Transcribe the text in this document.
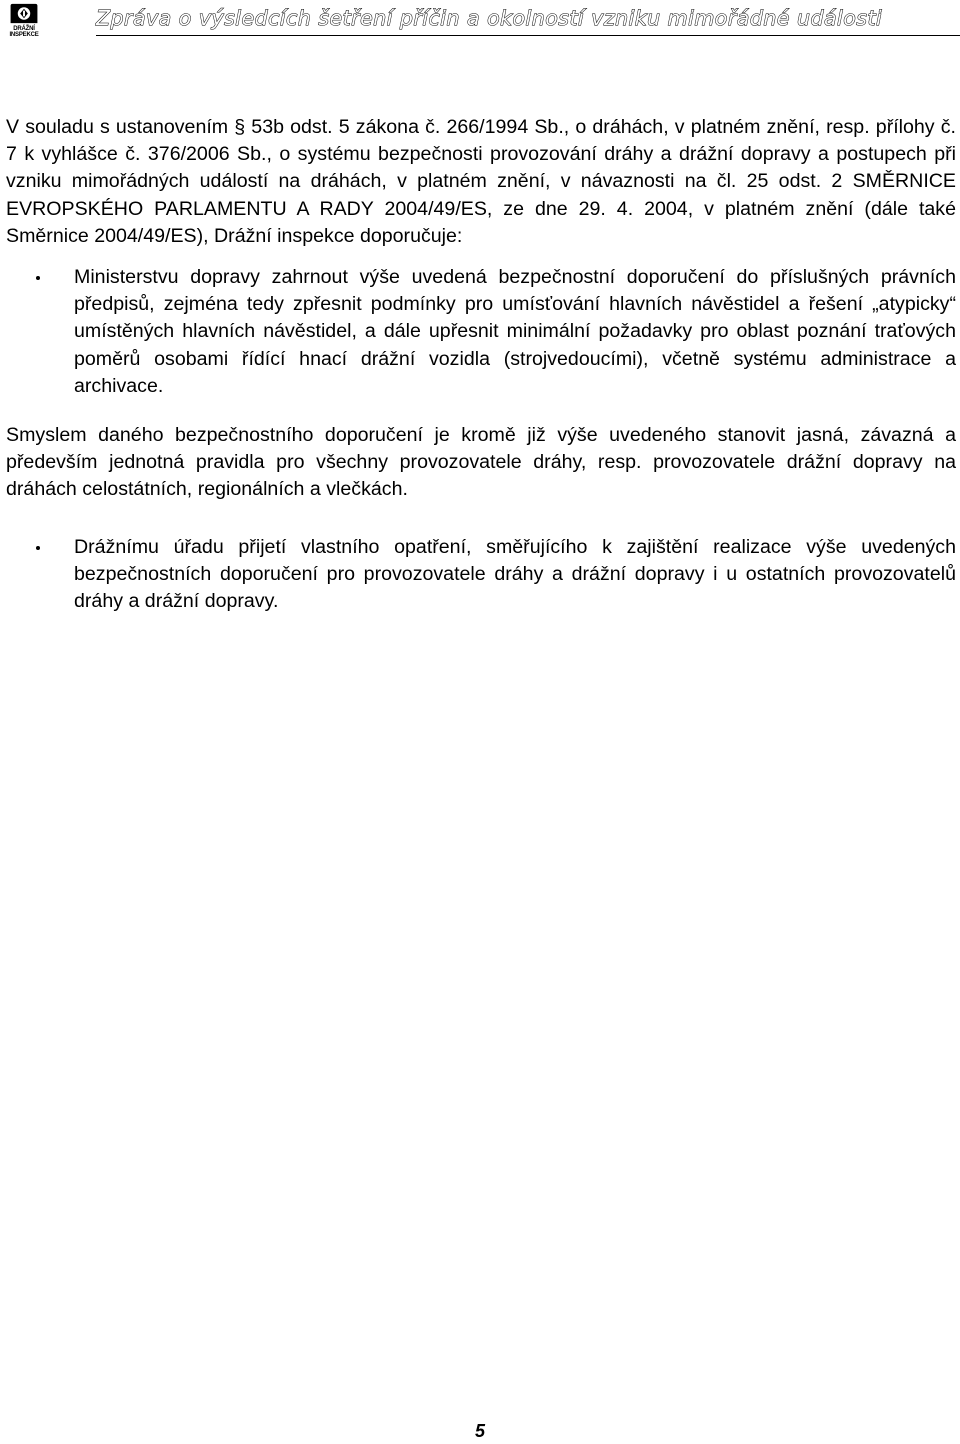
DRÁŽNÍ
INSPEKCE
Zpráva o výsledcích šetření příčin a okolností vzniku mimořádné události

V souladu s ustanovením § 53b odst. 5 zákona č. 266/1994 Sb., o dráhách, v platném znění, resp. přílohy č. 7 k vyhlášce č. 376/2006 Sb., o systému bezpečnosti provozování dráhy a drážní dopravy a postupech při vzniku mimořádných událostí na dráhách, v platném znění, v návaznosti na čl. 25 odst. 2 SMĚRNICE EVROPSKÉHO PARLAMENTU A RADY 2004/49/ES, ze dne 29. 4. 2004, v platném znění (dále také Směrnice 2004/49/ES), Drážní inspekce doporučuje:

Ministerstvu dopravy zahrnout výše uvedená bezpečnostní doporučení do příslušných právních předpisů, zejména tedy zpřesnit podmínky pro umísťování hlavních návěstidel a řešení „atypicky“ umístěných hlavních návěstidel, a dále upřesnit minimální požadavky pro oblast poznání traťových poměrů osobami řídící hnací drážní vozidla (strojvedoucími), včetně systému administrace a archivace.

Smyslem daného bezpečnostního doporučení je kromě již výše uvedeného stanovit jasná, závazná a především jednotná pravidla pro všechny provozovatele dráhy, resp. provozovatele drážní dopravy na dráhách celostátních, regionálních a vlečkách.

Drážnímu úřadu přijetí vlastního opatření, směřujícího k zajištění realizace výše uvedených bezpečnostních doporučení pro provozovatele dráhy a drážní dopravy i u ostatních provozovatelů dráhy a drážní dopravy.
5
